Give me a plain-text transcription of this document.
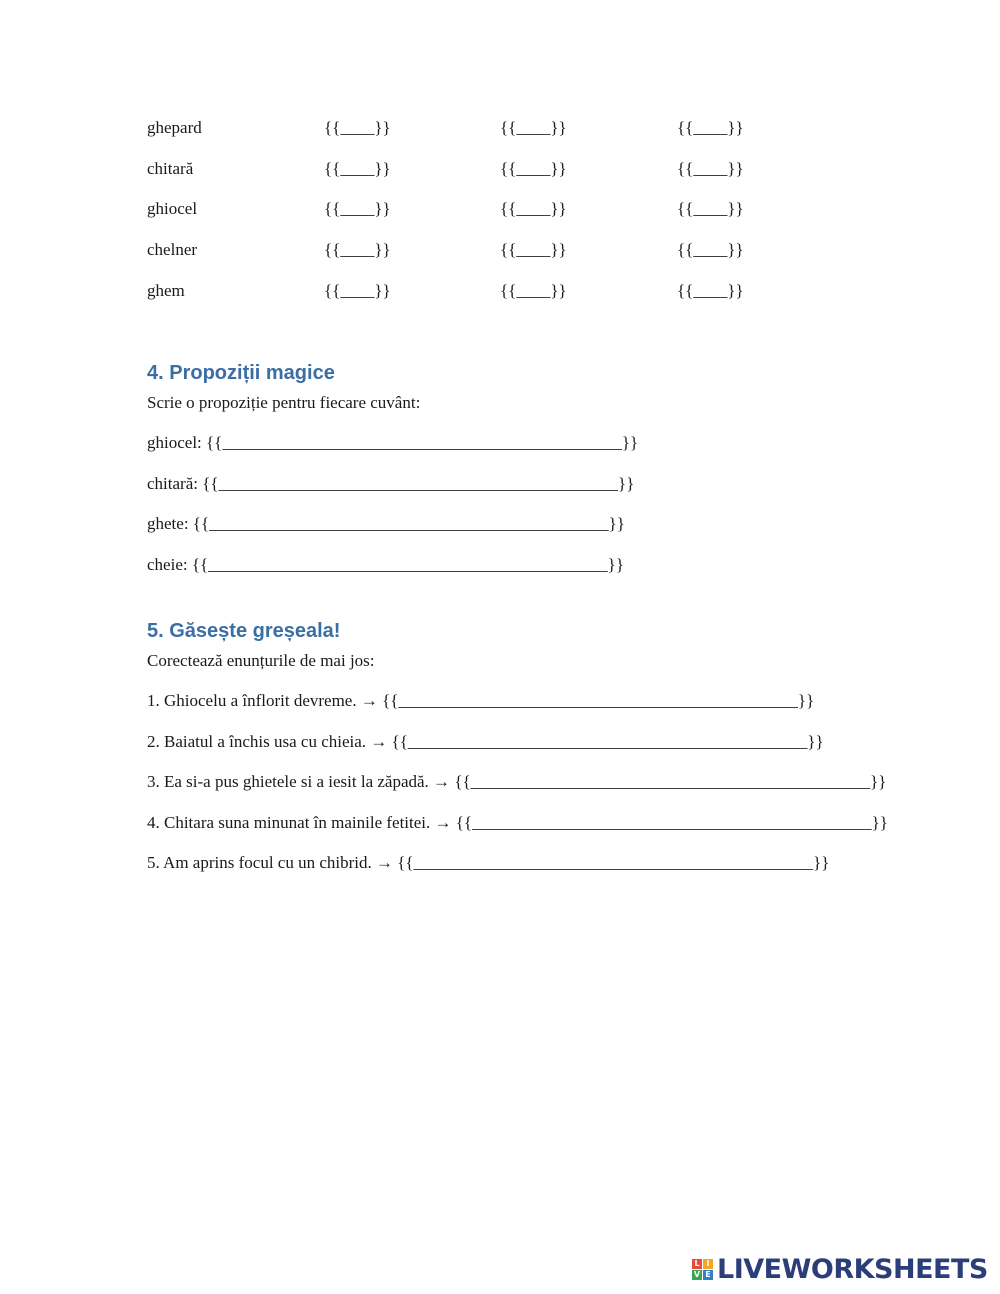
ghepard	{{____}}	{{____}}	{{____}}
chitară	{{____}}	{{____}}	{{____}}
ghiocel	{{____}}	{{____}}	{{____}}
chelner	{{____}}	{{____}}	{{____}}
ghem	{{____}}	{{____}}	{{____}}
4. Propoziții magice

Scrie o propoziție pentru fiecare cuvânt:

ghiocel: {{_______________________________________________}}
chitară: {{_______________________________________________}}
ghete: {{_______________________________________________}}
cheie: {{_______________________________________________}}
5. Găsește greșeala!

Corectează enunțurile de mai jos:

1. Ghiocelu a înflorit devreme. → {{_______________________________________________}}
2. Baiatul a închis usa cu chieia. → {{_______________________________________________}}
3. Ea si-a pus ghietele si a iesit la zăpadă. → {{_______________________________________________}}
4. Chitara suna minunat în mainile fetitei. → {{_______________________________________________}}
5. Am aprins focul cu un chibrid. → {{_______________________________________________}}
L I
V E LIVEWORKSHEETS
